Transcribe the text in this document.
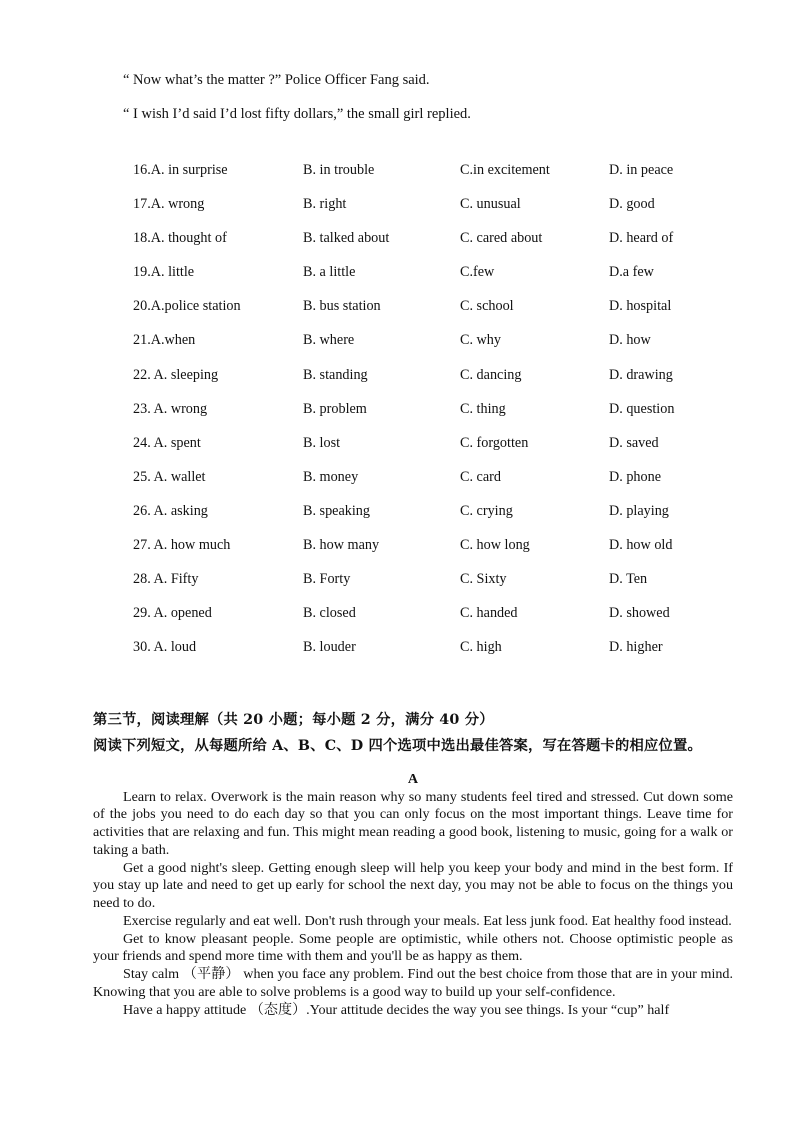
“ Now what’s the matter ?” Police Officer Fang said.
“ I wish I’d said I’d lost fifty dollars,” the small girl replied.
16.A. in surprise	B. in trouble	C.in excitement	D. in peace
17.A. wrong	B. right	C. unusual	D. good
18.A. thought of	B. talked about	C. cared about	D. heard of
19.A. little	B. a little	C.few	D.a few
20.A.police station	B. bus station	C. school	D. hospital
21.A.when	B. where	C. why	D. how
22. A. sleeping	B. standing	C. dancing	D. drawing
23. A. wrong	B. problem	C. thing	D. question
24. A. spent	B. lost	C. forgotten	D. saved
25. A. wallet	B. money	C. card	D. phone
26. A. asking	B. speaking	C. crying	D. playing
27. A. how much	B. how many	C. how long	D. how old
28. A. Fifty	B. Forty	C. Sixty	D. Ten
29. A. opened	B. closed	C. handed	D. showed
30. A. loud	B. louder	C. high	D. higher
第三节，阅读理解（共 20 小题；每小题 2 分，满分 40 分）
阅读下列短文，从每题所给 A、B、C、D 四个选项中选出最佳答案，写在答题卡的相应位置。
A

Learn to relax. Overwork is the main reason why so many students feel tired and stressed. Cut down some of the jobs you need to do each day so that you can only focus on the most important things. Leave time for activities that are relaxing and fun. This might mean reading a good book, listening to music, going for a walk or taking a bath.

Get a good night's sleep. Getting enough sleep will help you keep your body and mind in the best form. If you stay up late and need to get up early for school the next day, you may not be able to focus on the things you need to do.

Exercise regularly and eat well. Don't rush through your meals. Eat less junk food. Eat healthy food instead.

Get to know pleasant people. Some people are optimistic, while others not. Choose optimistic people as your friends and spend more time with them and you'll be as happy as them.

Stay calm （平静） when you face any problem. Find out the best choice from those that are in your mind. Knowing that you are able to solve problems is a good way to build up your self-confidence.

Have a happy attitude （态度）.Your attitude decides the way you see things. Is your “cup” half
